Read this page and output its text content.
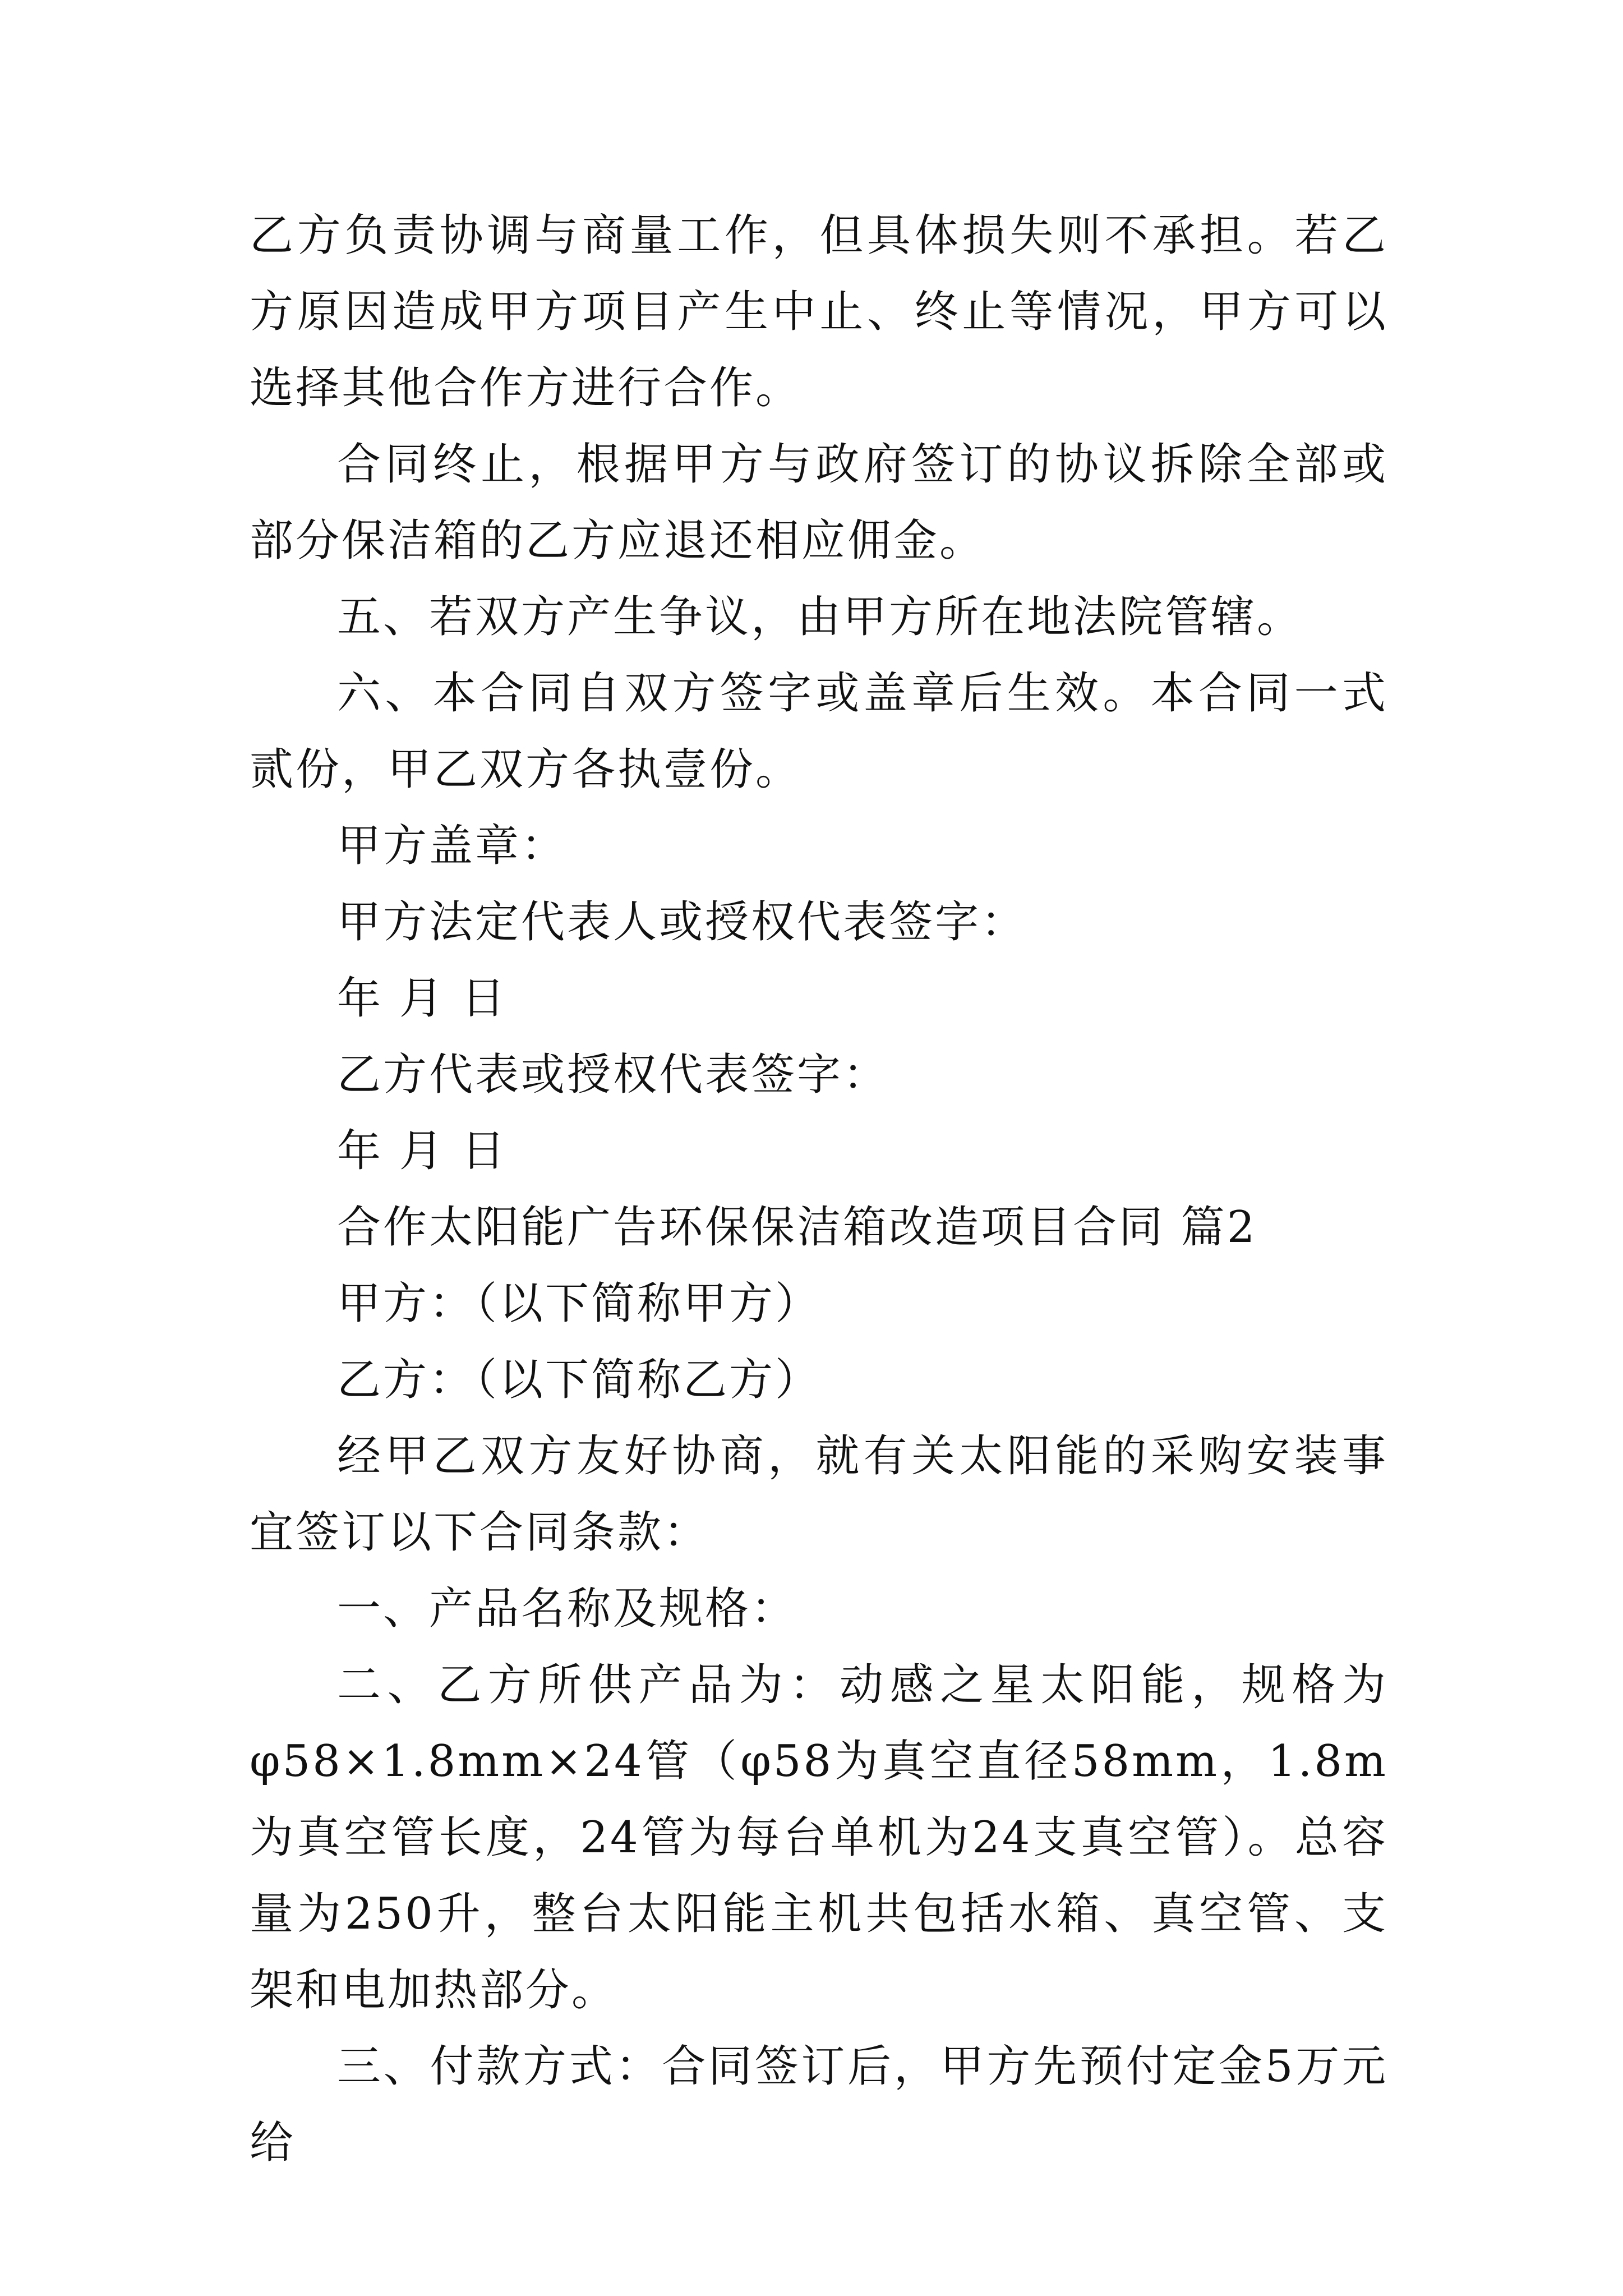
乙方负责协调与商量工作，但具体损失则不承担。若乙方原因造成甲方项目产生中止、终止等情况，甲方可以选择其他合作方进行合作。

合同终止，根据甲方与政府签订的协议拆除全部或部分保洁箱的乙方应退还相应佣金。

五、若双方产生争议，由甲方所在地法院管辖。

六、本合同自双方签字或盖章后生效。本合同一式贰份，甲乙双方各执壹份。

甲方盖章：

甲方法定代表人或授权代表签字：

年 月 日

乙方代表或授权代表签字：

年 月 日

合作太阳能广告环保保洁箱改造项目合同 篇2

甲方：（以下简称甲方）

乙方：（以下简称乙方）

经甲乙双方友好协商，就有关太阳能的采购安装事宜签订以下合同条款：

一、产品名称及规格：

二、乙方所供产品为：动感之星太阳能，规格为φ58×1.8mm×24管（φ58为真空直径58mm，1.8m为真空管长度，24管为每台单机为24支真空管）。总容量为250升，整台太阳能主机共包括水箱、真空管、支架和电加热部分。

三、付款方式：合同签订后，甲方先预付定金5万元给
